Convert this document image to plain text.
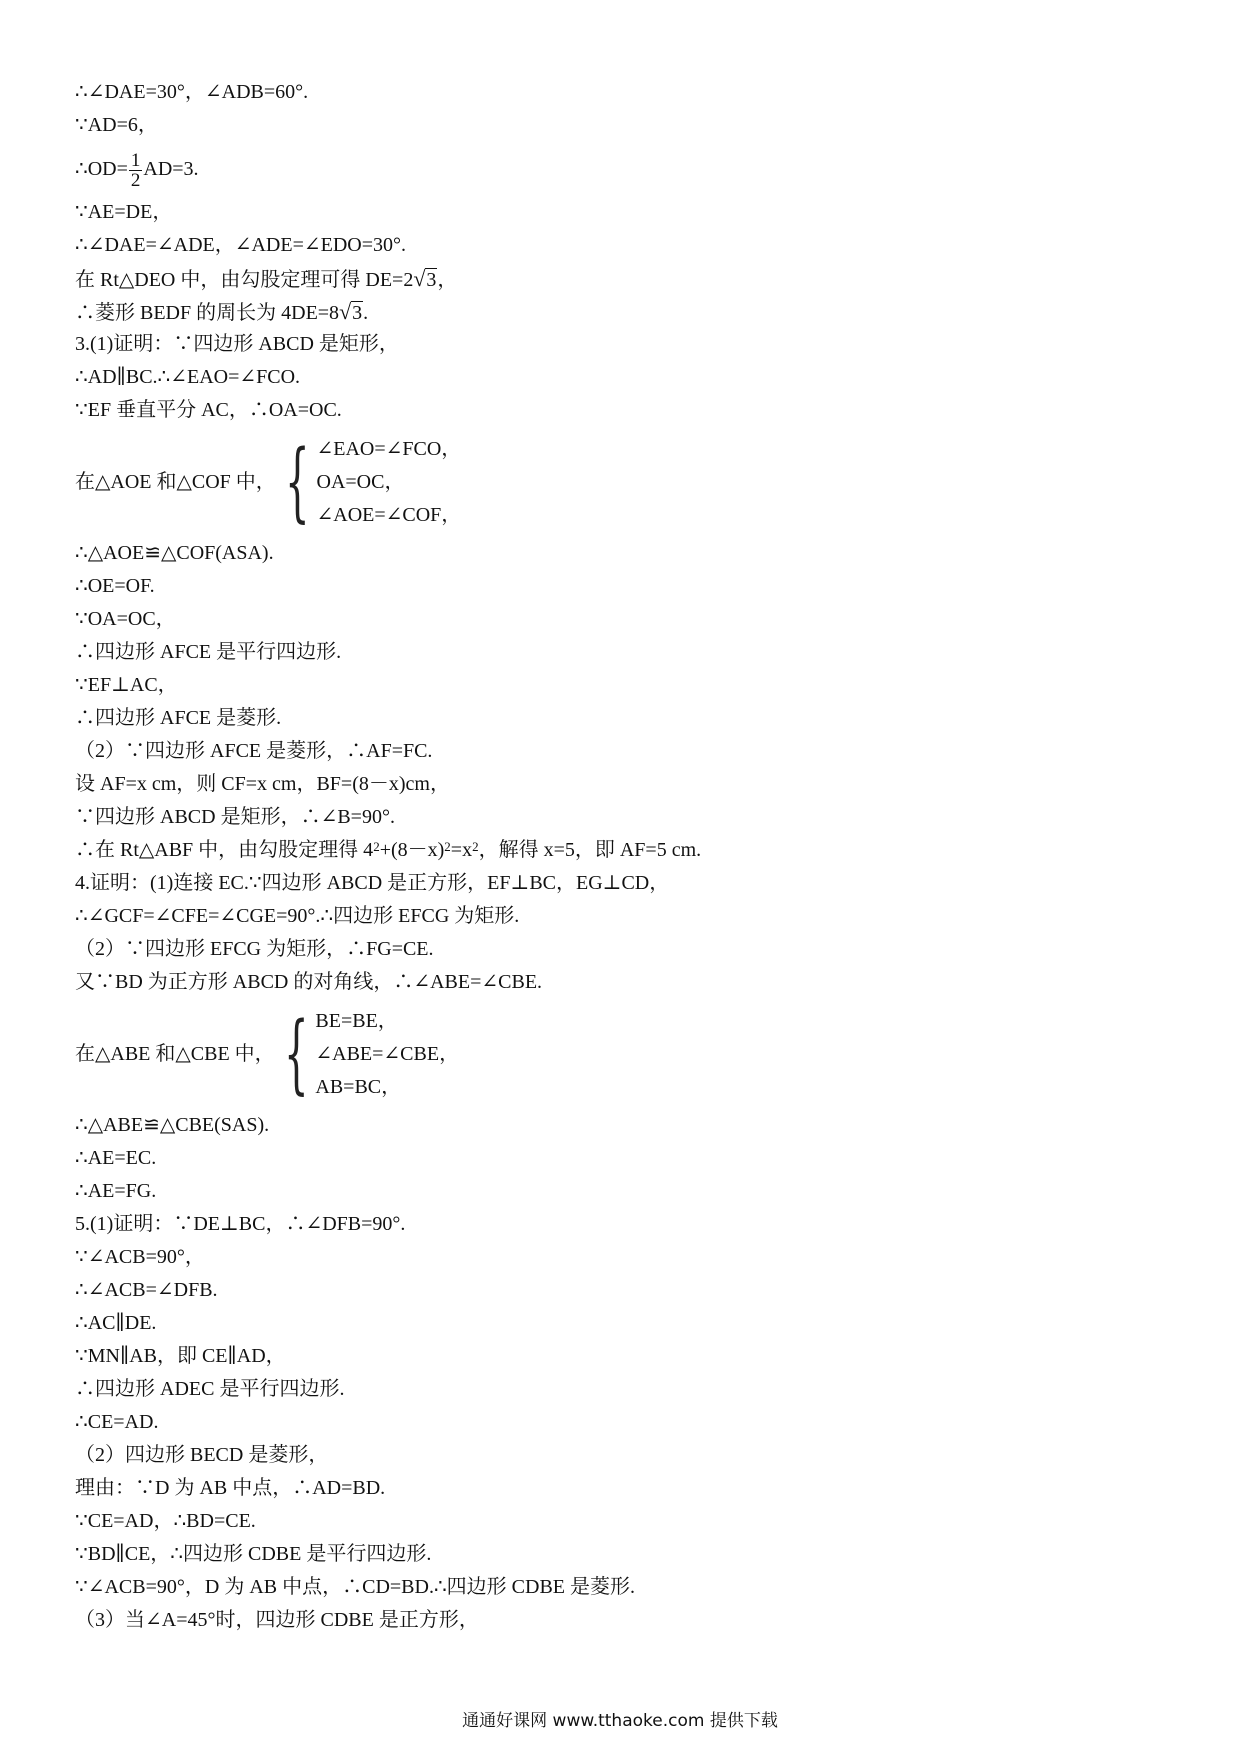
∴∠DAE=30°，∠ADB=60°.
∵AD=6，
∴OD= $\frac{1}{2} AD=3$.
∵AE=DE，
∴∠DAE=∠ADE，∠ADE=∠EDO=30°.
在 Rt△DEO 中，由勾股定理可得 DE=2√3，
∴菱形 BEDF 的周长为 4DE=8√3.
3.(1)证明：∵四边形 ABCD 是矩形，
∴AD∥BC.∴∠EAO=∠FCO.
∵EF 垂直平分 AC，∴OA=OC.
在△AOE 和△COF 中， { ∠EAO=∠FCO，
OA=OC，
∠AOE=∠COF，
∴△AOE≌△COF(ASA).
∴OE=OF.
∵OA=OC，
∴四边形 AFCE 是平行四边形.
∵EF⊥AC，
∴四边形 AFCE 是菱形.
（2）∵四边形 AFCE 是菱形，∴AF=FC.
设 AF=x cm，则 CF=x cm，BF=(8－x)cm，
∵四边形 ABCD 是矩形，∴∠B=90°.
∴在 Rt△ABF 中，由勾股定理得 $4^2+(8-x)^2=x^2$，解得 x=5，即 AF=5 cm.
4.证明：(1)连接 EC.∵四边形 ABCD 是正方形，EF⊥BC，EG⊥CD，
∴∠GCF=∠CFE=∠CGE=90°.∴四边形 EFCG 为矩形.
（2）∵四边形 EFCG 为矩形，∴FG=CE.
又∵BD 为正方形 ABCD 的对角线，∴∠ABE=∠CBE.
在△ABE 和△CBE 中， { BE=BE，
∠ABE=∠CBE，
AB=BC，
∴△ABE≌△CBE(SAS).
∴AE=EC.
∴AE=FG.
5.(1)证明：∵DE⊥BC，∴∠DFB=90°.
∵∠ACB=90°，
∴∠ACB=∠DFB.
∴AC∥DE.
∵MN∥AB，即 CE∥AD，
∴四边形 ADEC 是平行四边形.
∴CE=AD.
（2）四边形 BECD 是菱形，
理由：∵D 为 AB 中点，∴AD=BD.
∵CE=AD，∴BD=CE.
∵BD∥CE，∴四边形 CDBE 是平行四边形.
∵∠ACB=90°，D 为 AB 中点，∴CD=BD.∴四边形 CDBE 是菱形.
（3）当∠A=45°时，四边形 CDBE 是正方形，
通通好课网 www.tthaoke.com 提供下载
